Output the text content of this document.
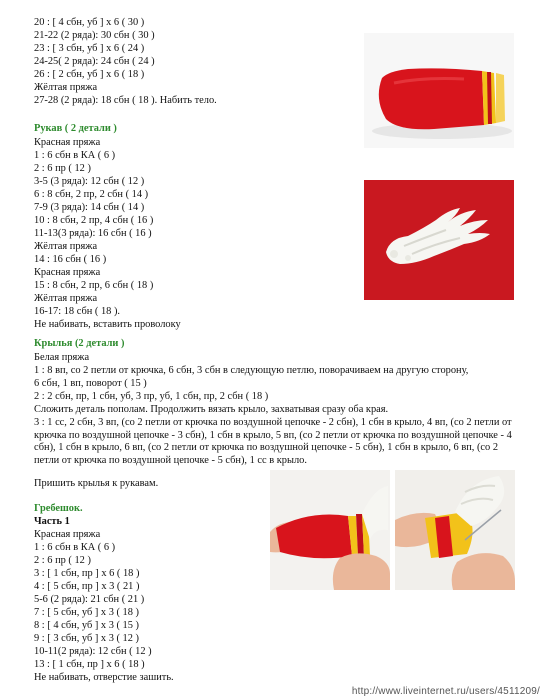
20 : [ 4 сбн, уб ] х 6 ( 30 )
21-22 (2 ряда): 30 сбн ( 30 )
23 : [ 3 сбн, уб ] х 6 ( 24 )
24-25( 2 ряда): 24 сбн ( 24 )
26 : [ 2 сбн, уб ] х 6 ( 18 )
Жёлтая пряжа
27-28 (2 ряда): 18 сбн ( 18 ). Набить тело.
Рукав ( 2 детали )
Красная пряжа
1 : 6 сбн в КА ( 6 )
2 : 6 пр ( 12 )
3-5 (3 ряда): 12 сбн ( 12 )
6 : 8 сбн, 2 пр, 2 сбн ( 14 )
7-9 (3 ряда): 14 сбн ( 14 )
10 : 8 сбн, 2 пр, 4 сбн ( 16 )
11-13(3 ряда): 16 сбн ( 16 )
Жёлтая пряжа
14 : 16 сбн ( 16 )
Красная пряжа
15 : 8 сбн, 2 пр, 6 сбн ( 18 )
Жёлтая пряжа
16-17: 18 сбн ( 18 ).
Не набивать, вставить проволоку
Крылья (2 детали )
Белая пряжа
1 : 8 вп, со 2 петли от крючка, 6 сбн, 3 сбн в следующую петлю, поворачиваем на другую сторону,
6 сбн, 1 вп, поворот ( 15 )
2 : 2 сбн, пр, 1 сбн, уб, 3 пр, уб, 1 сбн, пр, 2 сбн ( 18 )
Сложить деталь пополам. Продолжить вязать крыло, захватывая сразу оба края.
3 : 1 сс, 2 сбн, 3 вп, (со 2 петли от крючка по воздушной цепочке - 2 сбн), 1 сбн в крыло, 4 вп, (со 2 петли от крючка по воздушной цепочке - 3 сбн), 1 сбн в крыло, 5 вп, (со 2 петли от крючка по воздушной цепочке - 4 сбн), 1 сбн в крыло, 6 вп, (со 2 петли от крючка по воздушной цепочке - 5 сбн), 1 сбн в крыло, 6 вп, (со 2 петли от крючка по воздушной цепочке - 5 сбн), 1 сс в крыло.
Пришить крылья к рукавам.
Гребешок.
Часть 1
Красная пряжа
1 : 6 сбн в КА ( 6 )
2 : 6 пр ( 12 )
3 : [ 1 сбн, пр ] х 6 ( 18 )
4 : [ 5 сбн, пр ] х 3 ( 21 )
5-6 (2 ряда): 21 сбн ( 21 )
7 : [ 5 сбн, уб ] х 3 ( 18 )
8 : [ 4 сбн, уб ] х 3 ( 15 )
9 : [ 3 сбн, уб ] х 3 ( 12 )
10-11(2 ряда): 12 сбн ( 12 )
13 : [ 1 сбн, пр ] х 6 ( 18 )
Не набивать, отверстие зашить.
http://www.liveinternet.ru/users/4511209/
